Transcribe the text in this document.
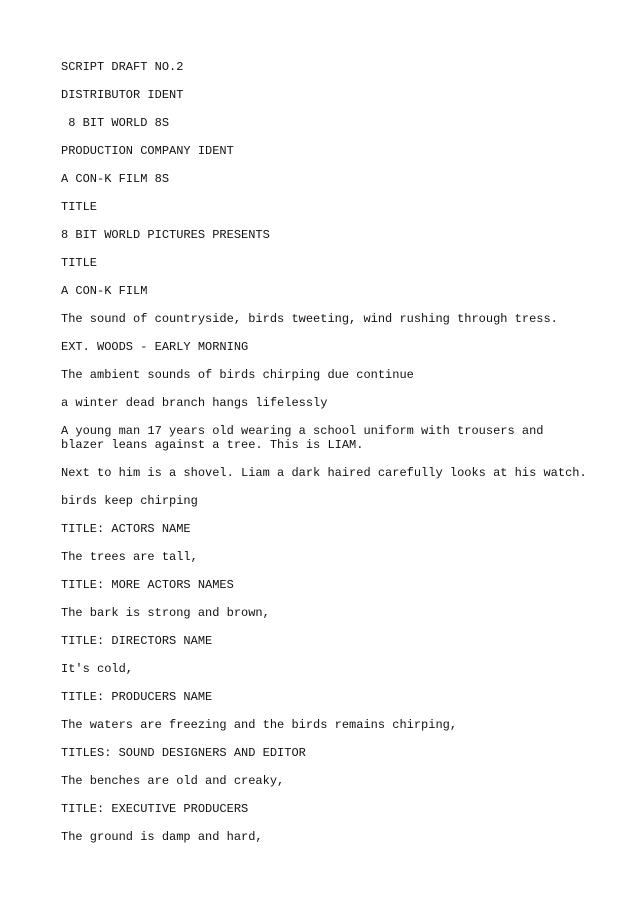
SCRIPT DRAFT NO.2

DISTRIBUTOR IDENT

8 BIT WORLD 8S

PRODUCTION COMPANY IDENT

A CON-K FILM 8S

TITLE

8 BIT WORLD PICTURES PRESENTS

TITLE

A CON-K FILM

The sound of countryside, birds tweeting, wind rushing through tress.

EXT. WOODS - EARLY MORNING

The ambient sounds of birds chirping due continue

a winter dead branch hangs lifelessly

A young man 17 years old wearing a school uniform with trousers and
blazer leans against a tree. This is LIAM.

Next to him is a shovel. Liam a dark haired carefully looks at his watch.

birds keep chirping

TITLE: ACTORS NAME

The trees are tall,

TITLE: MORE ACTORS NAMES

The bark is strong and brown,

TITLE: DIRECTORS NAME

It's cold,

TITLE: PRODUCERS NAME

The waters are freezing and the birds remains chirping,

TITLES: SOUND DESIGNERS AND EDITOR

The benches are old and creaky,

TITLE: EXECUTIVE PRODUCERS

The ground is damp and hard,
